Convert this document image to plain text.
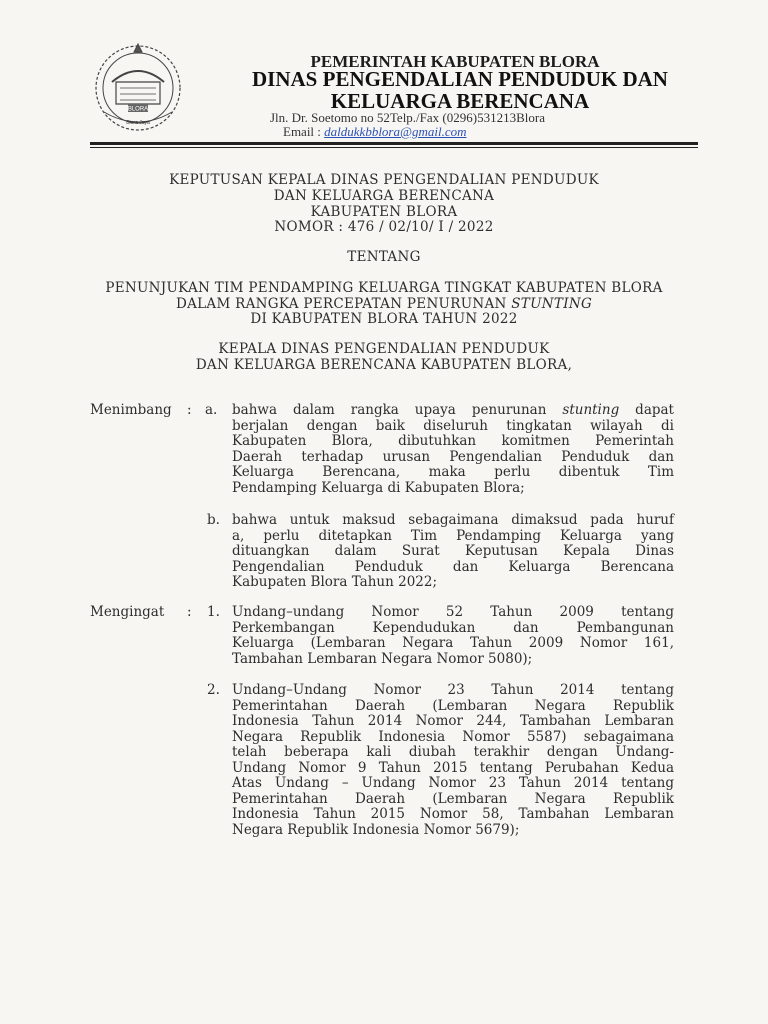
BLORA
Blora Jaya
PEMERINTAH KABUPATEN BLORA
DINAS PENGENDALIAN PENDUDUK DAN
KELUARGA BERENCANA
Jln. Dr. Soetomo no 52Telp./Fax (0296)531213Blora
Email : daldukkbblora@gmail.com
KEPUTUSAN KEPALA DINAS PENGENDALIAN PENDUDUK
DAN KELUARGA BERENCANA
KABUPATEN BLORA
NOMOR : 476 / 02/10/ I / 2022
TENTANG
PENUNJUKAN TIM PENDAMPING KELUARGA TINGKAT KABUPATEN BLORA
DALAM RANGKA PERCEPATAN PENURUNAN STUNTING
DI KABUPATEN BLORA TAHUN 2022
KEPALA DINAS PENGENDALIAN PENDUDUK
DAN KELUARGA BERENCANA KABUPATEN BLORA,
Menimbang : a. bahwa dalam rangka upaya penurunan stunting dapat
berjalan dengan baik diseluruh tingkatan wilayah di
Kabupaten Blora, dibutuhkan komitmen Pemerintah
Daerah terhadap urusan Pengendalian Penduduk dan
Keluarga Berencana, maka perlu dibentuk Tim
Pendamping Keluarga di Kabupaten Blora;
b. bahwa untuk maksud sebagaimana dimaksud pada huruf
a, perlu ditetapkan Tim Pendamping Keluarga yang
dituangkan dalam Surat Keputusan Kepala Dinas
Pengendalian Penduduk dan Keluarga Berencana
Kabupaten Blora Tahun 2022;
Mengingat : 1. Undang–undang Nomor 52 Tahun 2009 tentang
Perkembangan Kependudukan dan Pembangunan
Keluarga (Lembaran Negara Tahun 2009 Nomor 161,
Tambahan Lembaran Negara Nomor 5080);
2. Undang–Undang Nomor 23 Tahun 2014 tentang
Pemerintahan Daerah (Lembaran Negara Republik
Indonesia Tahun 2014 Nomor 244, Tambahan Lembaran
Negara Republik Indonesia Nomor 5587) sebagaimana
telah beberapa kali diubah terakhir dengan Undang-
Undang Nomor 9 Tahun 2015 tentang Perubahan Kedua
Atas Undang – Undang Nomor 23 Tahun 2014 tentang
Pemerintahan Daerah (Lembaran Negara Republik
Indonesia Tahun 2015 Nomor 58, Tambahan Lembaran
Negara Republik Indonesia Nomor 5679);
